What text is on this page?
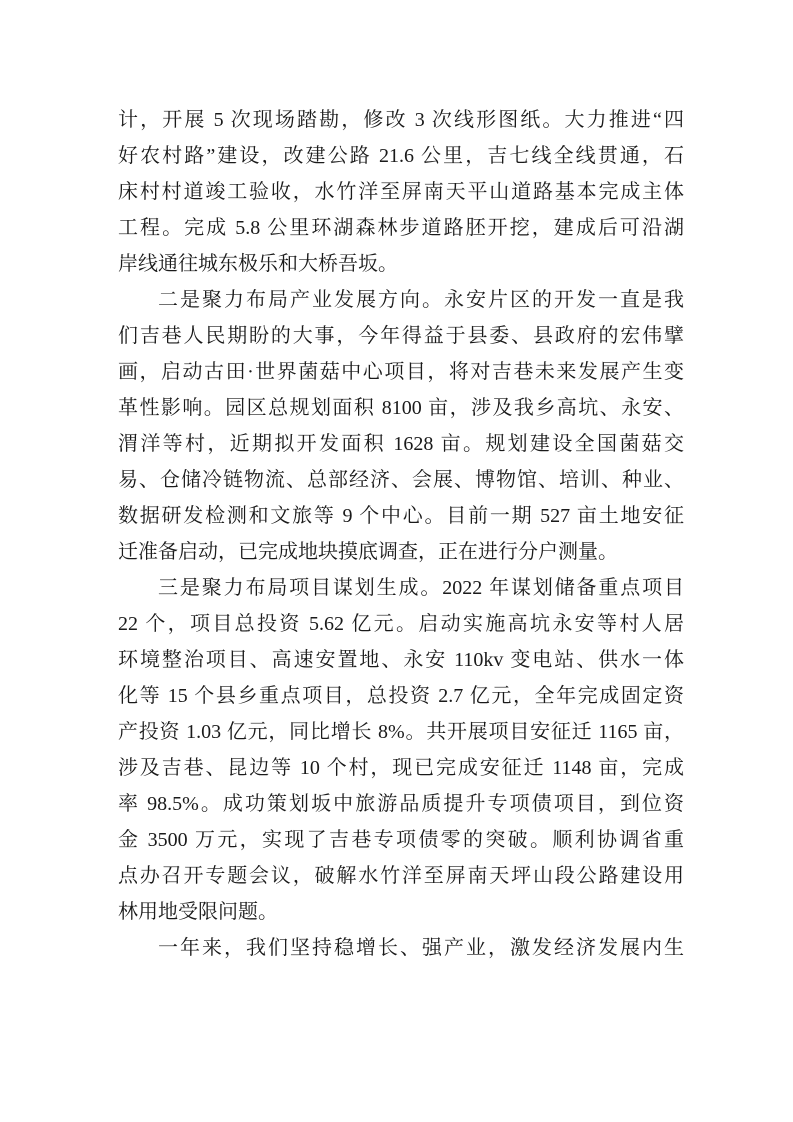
计，开展 5 次现场踏勘，修改 3 次线形图纸。大力推进“四
好农村路”建设，改建公路 21.6 公里，吉七线全线贯通，石
床村村道竣工验收，水竹洋至屏南天平山道路基本完成主体
工程。完成 5.8 公里环湖森林步道路胚开挖，建成后可沿湖
岸线通往城东极乐和大桥吾坂。
二是聚力布局产业发展方向。永安片区的开发一直是我
们吉巷人民期盼的大事，今年得益于县委、县政府的宏伟擘
画，启动古田·世界菌菇中心项目，将对吉巷未来发展产生变
革性影响。园区总规划面积 8100 亩，涉及我乡高坑、永安、
渭洋等村，近期拟开发面积 1628 亩。规划建设全国菌菇交
易、仓储冷链物流、总部经济、会展、博物馆、培训、种业、
数据研发检测和文旅等 9 个中心。目前一期 527 亩土地安征
迁准备启动，已完成地块摸底调查，正在进行分户测量。
三是聚力布局项目谋划生成。2022 年谋划储备重点项目
22 个，项目总投资 5.62 亿元。启动实施高坑永安等村人居
环境整治项目、高速安置地、永安 110kv 变电站、供水一体
化等 15 个县乡重点项目，总投资 2.7 亿元，全年完成固定资
产投资 1.03 亿元，同比增长 8%。共开展项目安征迁 1165 亩，
涉及吉巷、昆边等 10 个村，现已完成安征迁 1148 亩，完成
率 98.5%。成功策划坂中旅游品质提升专项债项目，到位资
金 3500 万元，实现了吉巷专项债零的突破。顺利协调省重
点办召开专题会议，破解水竹洋至屏南天坪山段公路建设用
林用地受限问题。
一年来，我们坚持稳增长、强产业，激发经济发展内生
